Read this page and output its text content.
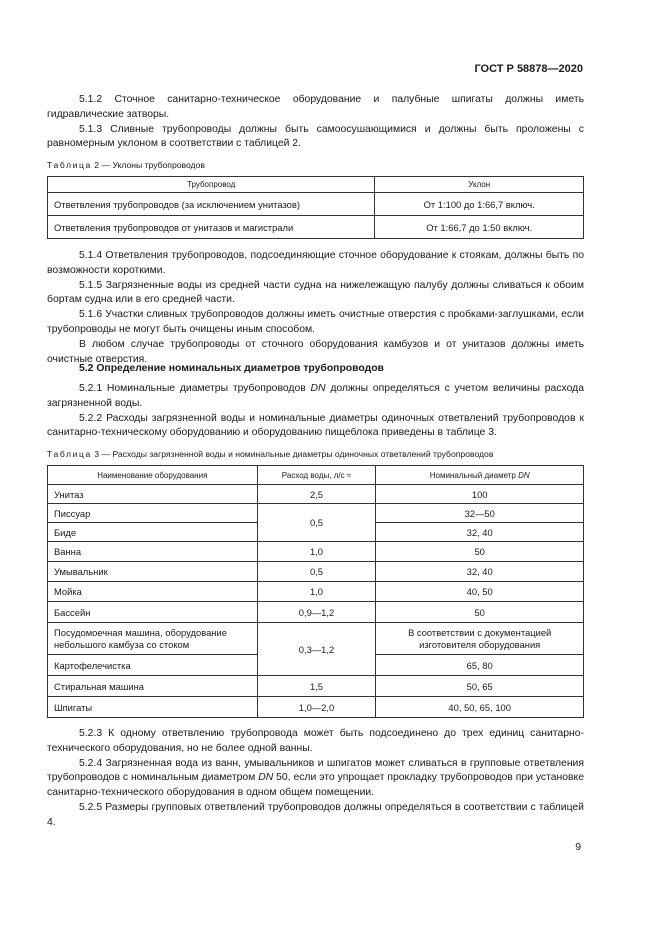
ГОСТ Р 58878—2020

5.1.2 Сточное санитарно-техническое оборудование и палубные шпигаты должны иметь гидравлические затворы.

5.1.3 Сливные трубопроводы должны быть самоосушающимися и должны быть проложены с равномерным уклоном в соответствии с таблицей 2.

Таблица 2 — Уклоны трубопроводов
Трубопровод	Уклон
Ответвления трубопроводов (за исключением унитазов)	От 1:100 до 1:66,7 включ.
Ответвления трубопроводов от унитазов и магистрали	От 1:66,7 до 1:50 включ.

5.1.4 Ответвления трубопроводов, подсоединяющие сточное оборудование к стоякам, должны быть по возможности короткими.

5.1.5 Загрязненные воды из средней части судна на нижележащую палубу должны сливаться к обоим бортам судна или в его средней части.

5.1.6 Участки сливных трубопроводов должны иметь очистные отверстия с пробками-заглушками, если трубопроводы не могут быть очищены иным способом.

В любом случае трубопроводы от сточного оборудования камбузов и от унитазов должны иметь очистные отверстия.

5.2 Определение номинальных диаметров трубопроводов

5.2.1 Номинальные диаметры трубопроводов DN должны определяться с учетом величины расхода загрязненной воды.

5.2.2 Расходы загрязненной воды и номинальные диаметры одиночных ответвлений трубопроводов к санитарно-техническому оборудованию и оборудованию пищеблока приведены в таблице 3.

Таблица 3 — Расходы загрязненной воды и номинальные диаметры одиночных ответвлений трубопроводов
Наименование оборудования	Расход воды, л/с ≈	Номинальный диаметр DN
Унитаз	2,5	100
Писсуар	0,5	32—50
Биде		32, 40
Ванна	1,0	50
Умывальник	0,5	32, 40
Мойка	1,0	40, 50
Бассейн	0,9—1,2	50
Посудомоечная машина, оборудование небольшого камбуза со стоком	0,3—1,2	В соответствии с документацией изготовителя оборудования
Картофелечистка		65, 80
Стиральная машина	1,5	50, 65
Шпигаты	1,0—2,0	40, 50, 65, 100

5.2.3 К одному ответвлению трубопровода может быть подсоединено до трех единиц санитарно-технического оборудования, но не более одной ванны.

5.2.4 Загрязненная вода из ванн, умывальников и шпигатов может сливаться в групповые ответвления трубопроводов с номинальным диаметром DN 50, если это упрощает прокладку трубопроводов при установке санитарно-технического оборудования в одном общем помещении.

5.2.5 Размеры групповых ответвлений трубопроводов должны определяться в соответствии с таблицей 4.

9
